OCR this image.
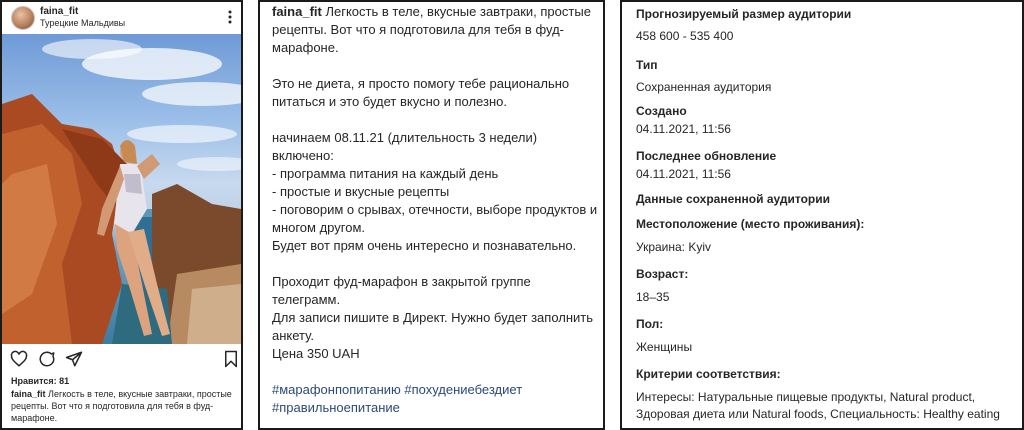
faina_fit
Турецкие Мальдивы
Нравится: 81
faina_fit Легкость в теле, вкусные завтраки, простые рецепты. Вот что я подготовила для тебя в фуд-марафоне.

faina_fit Легкость в теле, вкусные завтраки, простые рецепты. Вот что я подготовила для тебя в фуд-марафоне.

Это не диета, я просто помогу тебе рационально питаться и это будет вкусно и полезно.

начинаем 08.11.21 (длительность 3 недели)

включено:

- программа питания на каждый день

- простые и вкусные рецепты

- поговорим о срывах, отечности, выборе продуктов и многом другом.

Будет вот прям очень интересно и познавательно.

Проходит фуд-марафон в закрытой группе телеграмм.

Для записи пишите в Директ. Нужно будет заполнить анкету.

Цена 350 UAH

#марафонпопитанию #похудениебездиет #правильноепитание

Прогнозируемый размер аудитории
458 600 - 535 400
Тип
Сохраненная аудитория
Создано
04.11.2021, 11:56
Последнее обновление
04.11.2021, 11:56
Данные сохраненной аудитории
Местоположение (место проживания):
Украина: Kyiv
Возраст:
18–35
Пол:
Женщины
Критерии соответствия:
Интересы: Натуральные пищевые продукты, Natural product, Здоровая диета или Natural foods, Специальность: Healthy eating
